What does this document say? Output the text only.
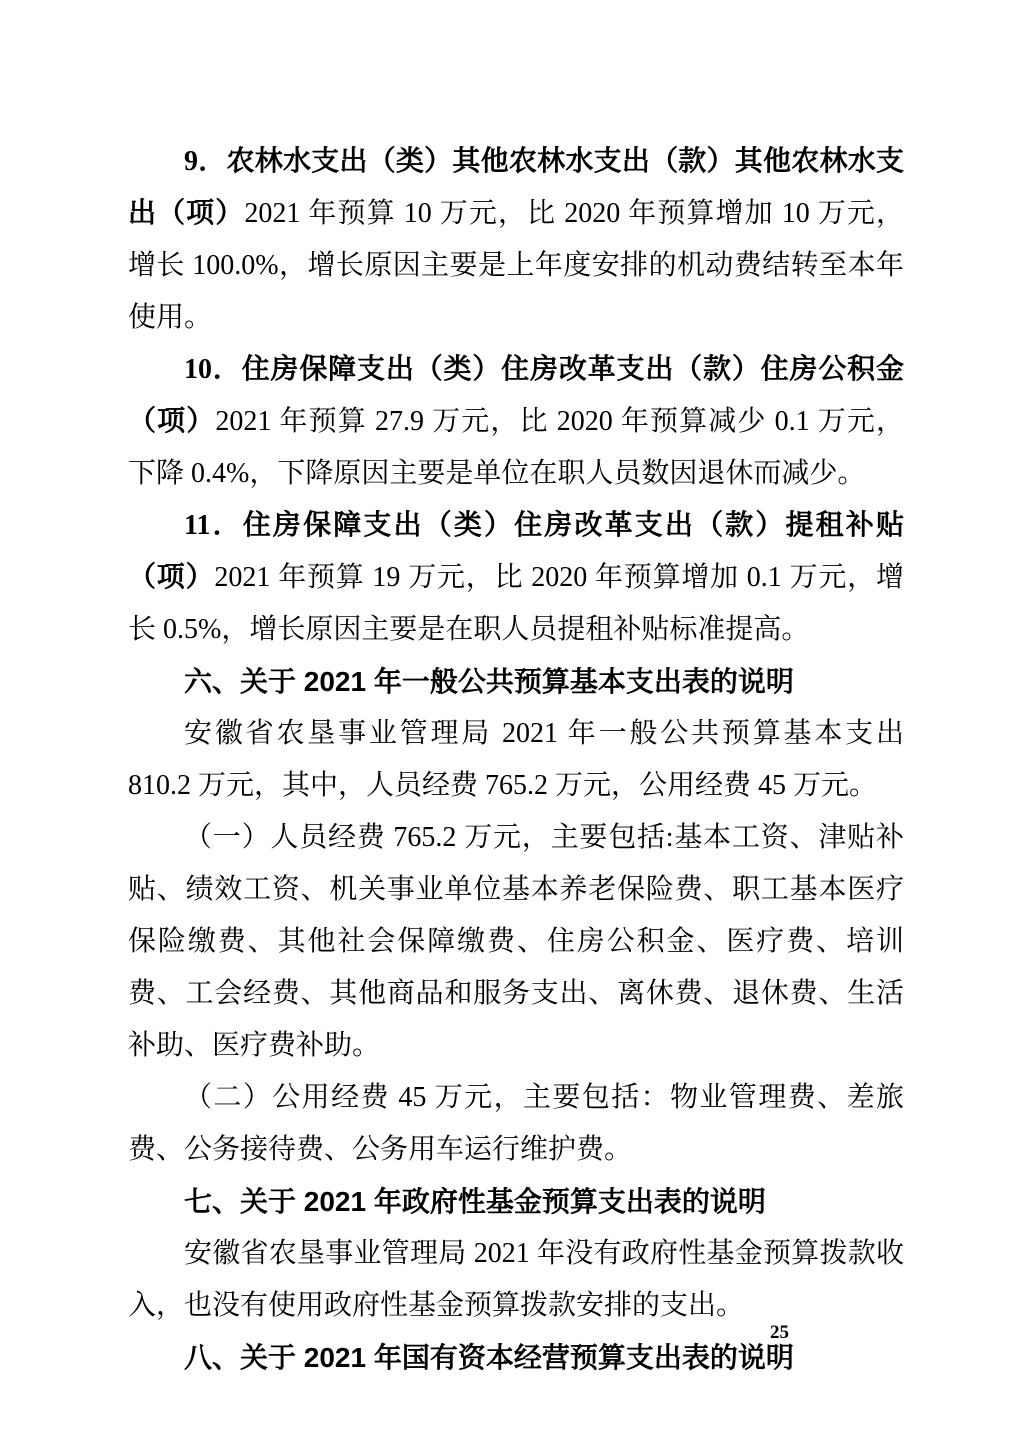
9．农林水支出（类）其他农林水支出（款）其他农林水支出（项）2021 年预算 10 万元，比 2020 年预算增加 10 万元，增长 100.0%，增长原因主要是上年度安排的机动费结转至本年使用。

10．住房保障支出（类）住房改革支出（款）住房公积金（项）2021 年预算 27.9 万元，比 2020 年预算减少 0.1 万元，下降 0.4%，下降原因主要是单位在职人员数因退休而减少。

11．住房保障支出（类）住房改革支出（款）提租补贴（项）2021 年预算 19 万元，比 2020 年预算增加 0.1 万元，增长 0.5%，增长原因主要是在职人员提租补贴标准提高。

六、关于 2021 年一般公共预算基本支出表的说明

安徽省农垦事业管理局 2021 年一般公共预算基本支出 810.2 万元，其中，人员经费 765.2 万元，公用经费 45 万元。

（一）人员经费 765.2 万元，主要包括:基本工资、津贴补贴、绩效工资、机关事业单位基本养老保险费、职工基本医疗保险缴费、其他社会保障缴费、住房公积金、医疗费、培训费、工会经费、其他商品和服务支出、离休费、退休费、生活补助、医疗费补助。

（二）公用经费 45 万元，主要包括：物业管理费、差旅费、公务接待费、公务用车运行维护费。

七、关于 2021 年政府性基金预算支出表的说明

安徽省农垦事业管理局 2021 年没有政府性基金预算拨款收入，也没有使用政府性基金预算拨款安排的支出。

八、关于 2021 年国有资本经营预算支出表的说明
25
